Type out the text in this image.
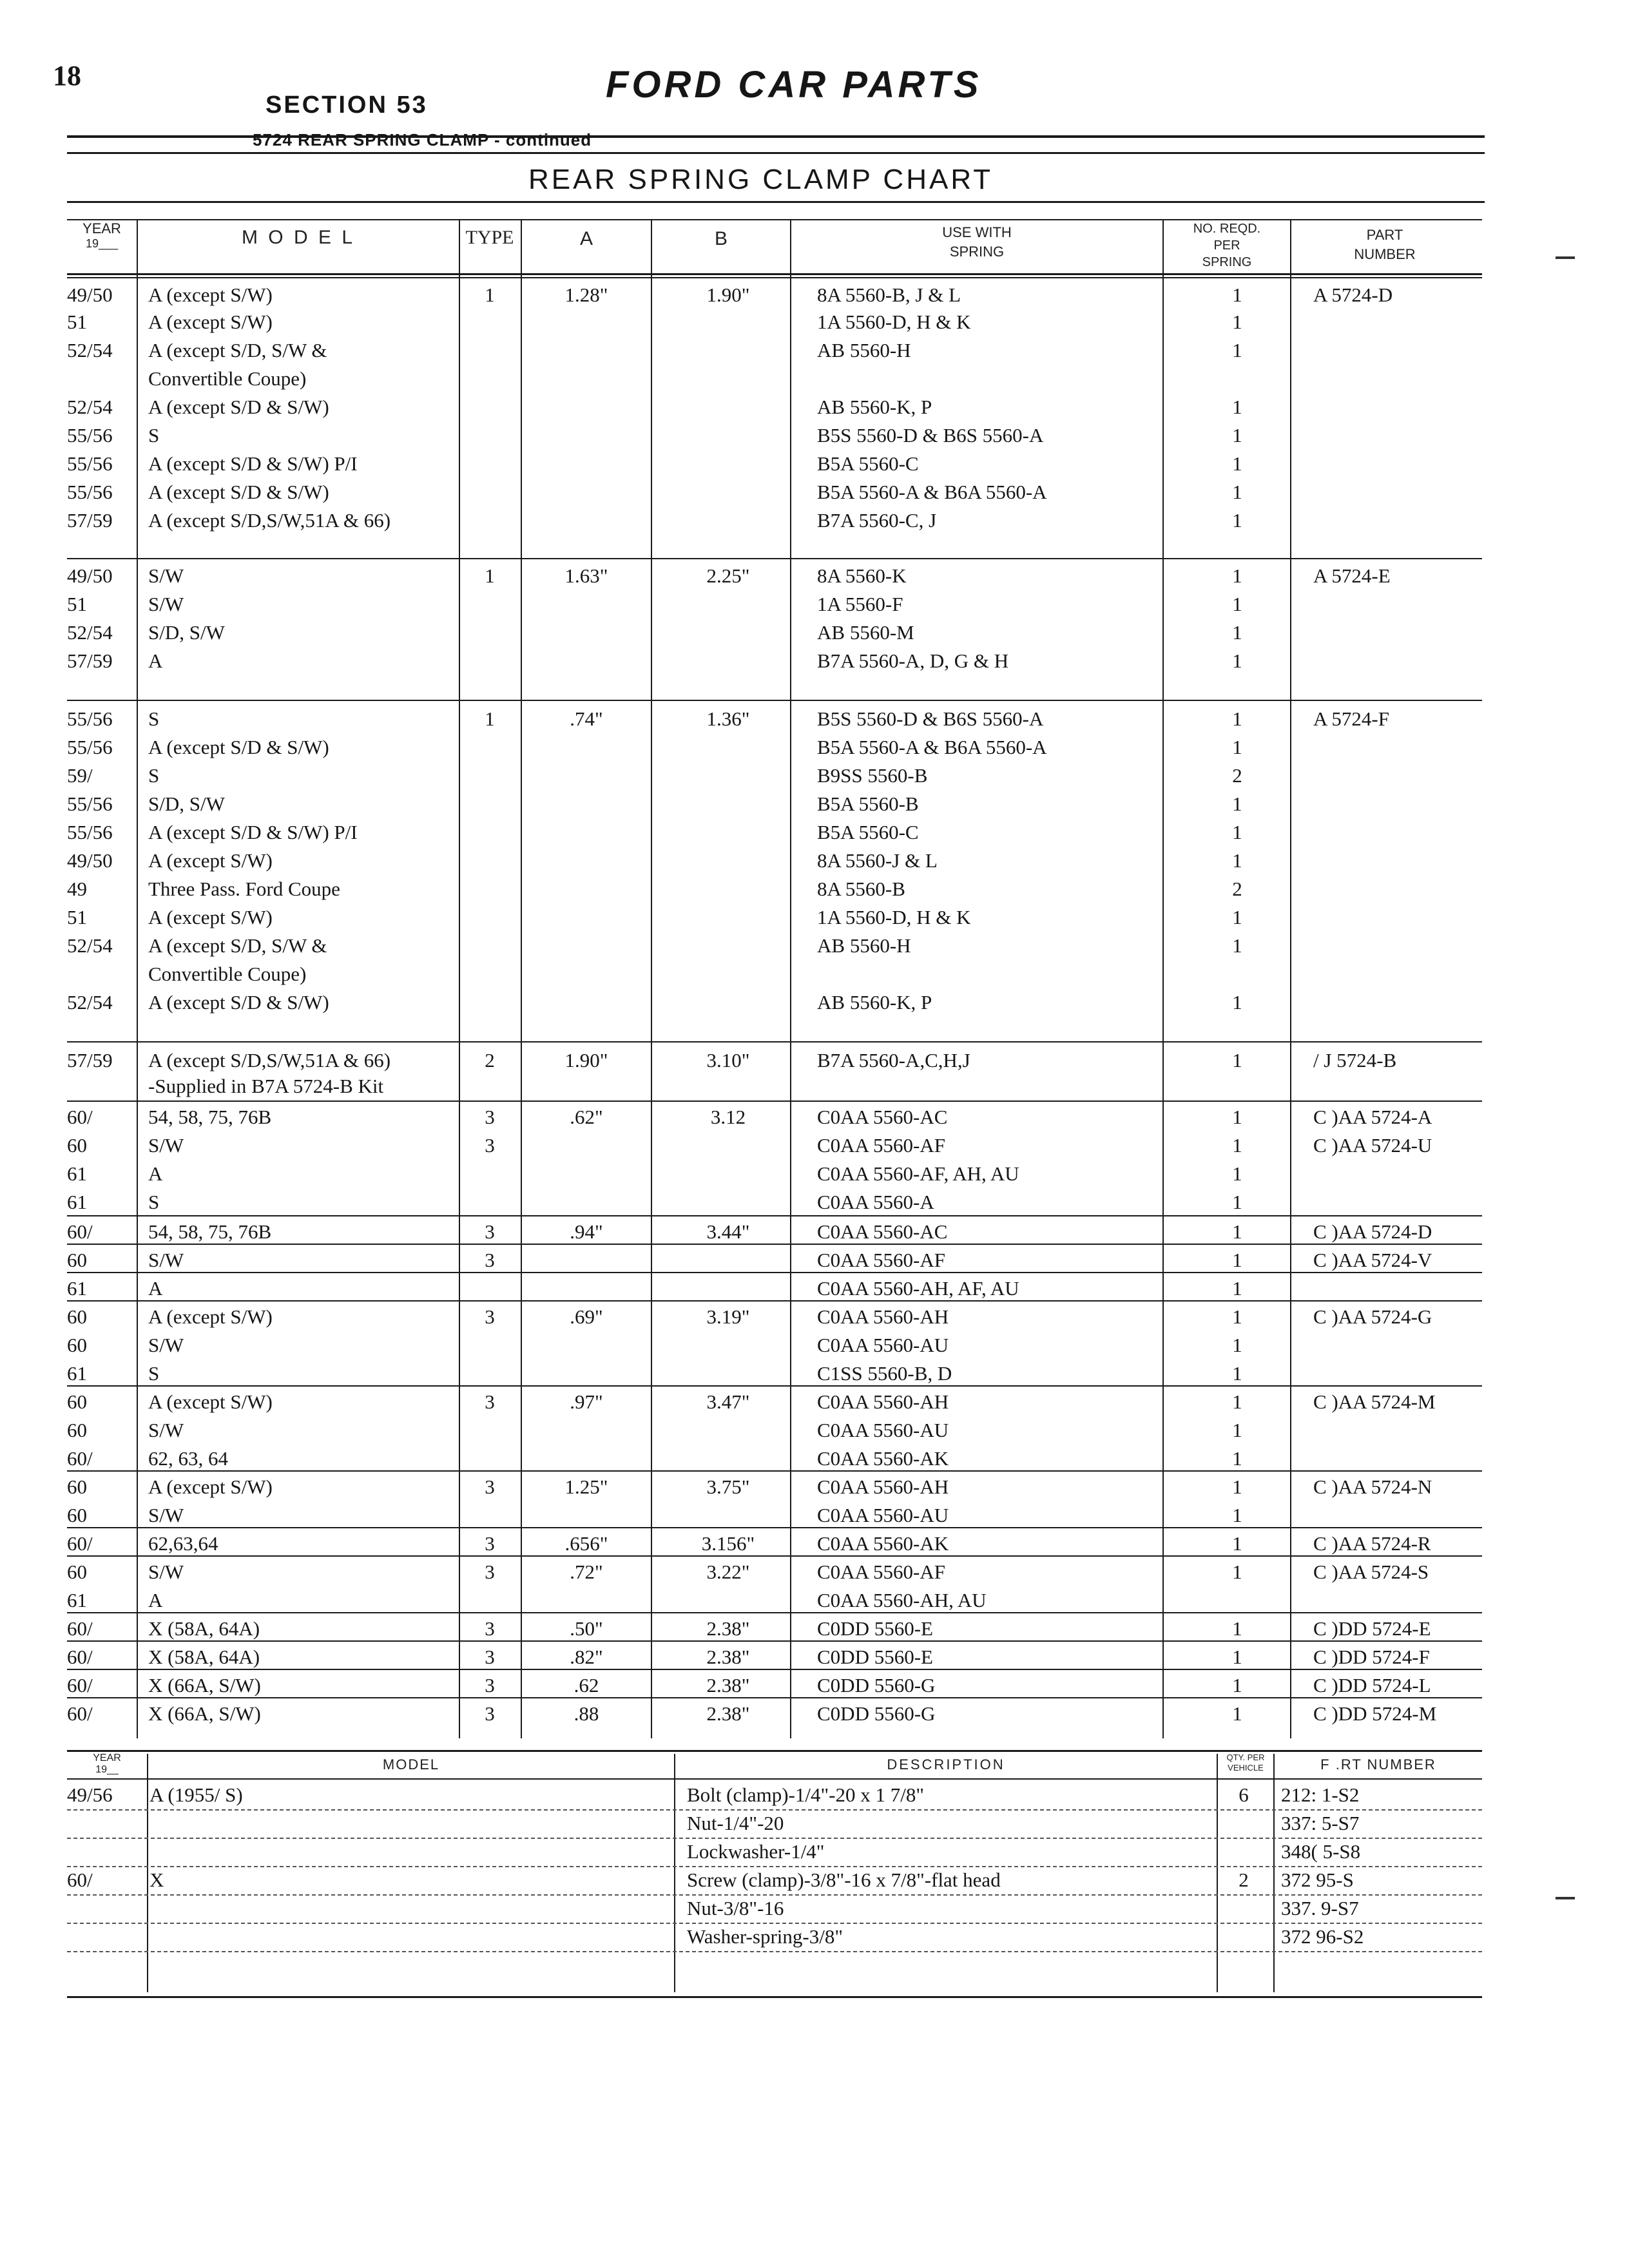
18	FORD CAR PARTS
SECTION 53
5724 REAR SPRING CLAMP - continued
REAR SPRING CLAMP CHART
YEAR
19___	M O D E L	TYPE	A	B	USE WITH
SPRING
NO. REQD.
PER
SPRING
PART
NUMBER
49/50 A (except S/W)	1	1.28"	1.90"	8A 5560-B, J & L	1	A 5724-D
51	A (except S/W)	1A 5560-D, H & K	1
52/54 A (except S/D, S/W &	AB 5560-H	1
Convertible Coupe)
52/54 A (except S/D & S/W)	AB 5560-K, P	1
55/56 S	B5S 5560-D & B6S 5560-A	1
55/56 A (except S/D & S/W) P/I	B5A 5560-C	1
55/56 A (except S/D & S/W)	B5A 5560-A & B6A 5560-A	1
57/59 A (except S/D,S/W,51A & 66)	B7A 5560-C, J	1
49/50 S/W	1	1.63"	2.25"	8A 5560-K	1	A 5724-E
51	S/W	1A 5560-F	1
52/54 S/D, S/W	AB 5560-M	1
57/59 A	B7A 5560-A, D, G & H	1
55/56 S	1	.74"	1.36"	B5S 5560-D & B6S 5560-A	1	A 5724-F
55/56 A (except S/D & S/W)	B5A 5560-A & B6A 5560-A	1
59/	S	B9SS 5560-B	2
55/56 S/D, S/W	B5A 5560-B	1
55/56 A (except S/D & S/W) P/I	B5A 5560-C	1
49/50 A (except S/W)	8A 5560-J & L	1
49	Three Pass. Ford Coupe	8A 5560-B	2
51	A (except S/W)	1A 5560-D, H & K	1
52/54 A (except S/D, S/W &	AB 5560-H	1
Convertible Coupe)
52/54 A (except S/D & S/W)	AB 5560-K, P	1
57/59 A (except S/D,S/W,51A & 66)	2	1.90"	3.10"	B7A 5560-A,C,H,J	1	/ J 5724-B
-Supplied in B7A 5724-B Kit
60/	54, 58, 75, 76B	3	.62"	3.12	C0AA 5560-AC	1	C )AA 5724-A
60	S/W	3	C0AA 5560-AF	1	C )AA 5724-U
61	A	C0AA 5560-AF, AH, AU	1
61	S	C0AA 5560-A	1
60/	54, 58, 75, 76B	3	.94"	3.44"	C0AA 5560-AC	1	C )AA 5724-D
60	S/W	3	C0AA 5560-AF	1	C )AA 5724-V
61	A	C0AA 5560-AH, AF, AU	1
60	A (except S/W)	3	.69"	3.19"	C0AA 5560-AH	1	C )AA 5724-G
60	S/W	C0AA 5560-AU	1
61	S	C1SS 5560-B, D	1
60	A (except S/W)	3	.97"	3.47"	C0AA 5560-AH	1	C )AA 5724-M
60	S/W	C0AA 5560-AU	1
60/	62, 63, 64	C0AA 5560-AK	1
60	A (except S/W)	3	1.25"	3.75"	C0AA 5560-AH	1	C )AA 5724-N
60	S/W	C0AA 5560-AU	1
60/	62,63,64	3	.656"	3.156"	C0AA 5560-AK	1	C )AA 5724-R
60	S/W	3	.72"	3.22"	C0AA 5560-AF	1	C )AA 5724-S
61	A	C0AA 5560-AH, AU
60/	X (58A, 64A)	3	.50"	2.38"	C0DD 5560-E	1	C )DD 5724-E
60/	X (58A, 64A)	3	.82"	2.38"	C0DD 5560-E	1	C )DD 5724-F
60/	X (66A, S/W)	3	.62	2.38"	C0DD 5560-G	1	C )DD 5724-L
60/	X (66A, S/W)	3	.88	2.38"	C0DD 5560-G	1	C )DD 5724-M
YEAR
19__	MODEL	DESCRIPTION	QTY. PER
VEHICLE	F .RT NUMBER
49/56 A (1955/ S)	Bolt (clamp)-1/4"-20 x 1 7/8"	6	212: 1-S2
Nut-1/4"-20	337: 5-S7
Lockwasher-1/4"	348( 5-S8
60/	X	Screw (clamp)-3/8"-16 x 7/8"-flat head	2	372 95-S
Nut-3/8"-16	337. 9-S7
Washer-spring-3/8"	372 96-S2
